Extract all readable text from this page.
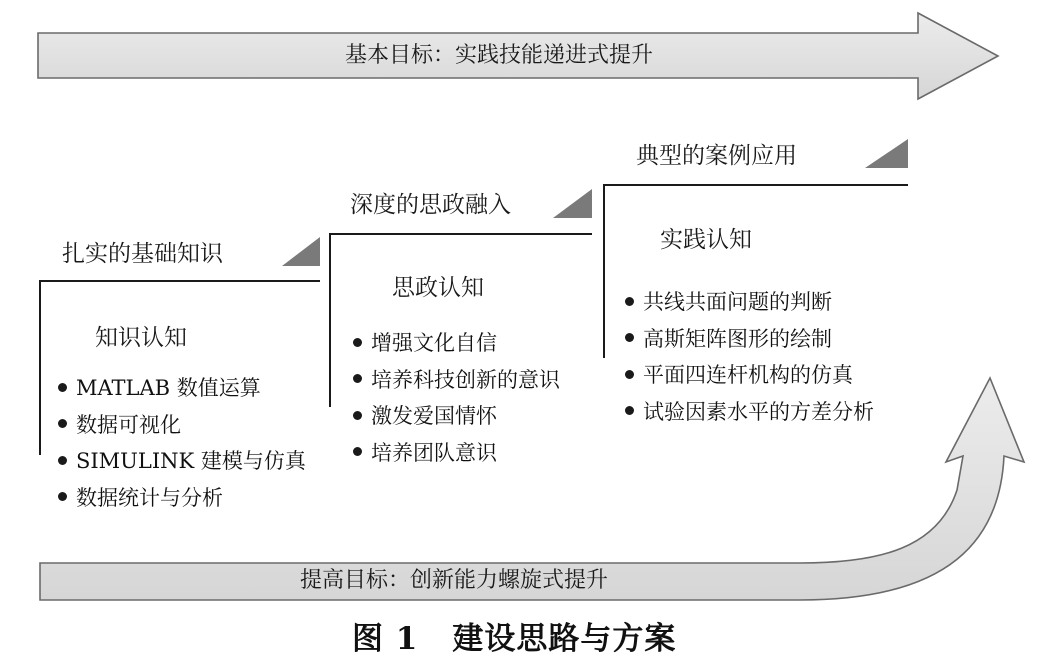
基本目标：实践技能递进式提升
提高目标：创新能力螺旋式提升
扎实的基础知识
知识认知
MATLAB 数值运算
数据可视化
SIMULINK 建模与仿真
数据统计与分析
深度的思政融入
思政认知
增强文化自信
培养科技创新的意识
激发爱国情怀
培养团队意识
典型的案例应用
实践认知
共线共面问题的判断
高斯矩阵图形的绘制
平面四连杆机构的仿真
试验因素水平的方差分析
图 1 建设思路与方案
